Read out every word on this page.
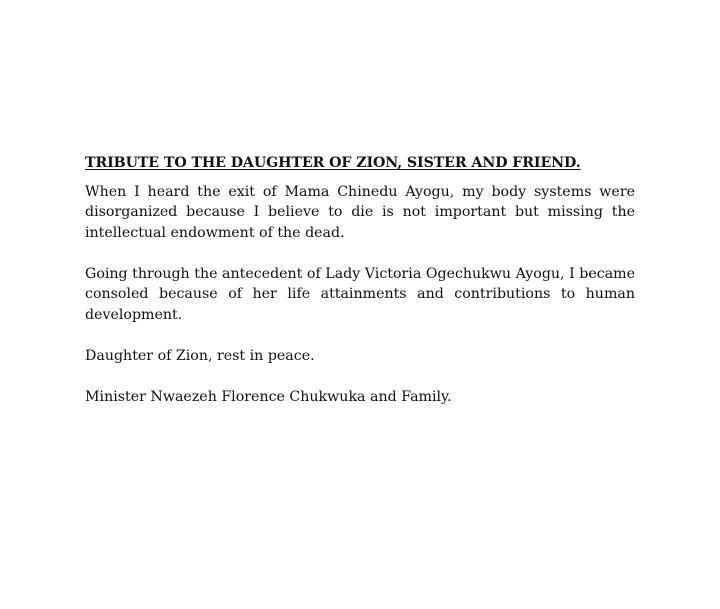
TRIBUTE TO THE DAUGHTER OF ZION, SISTER AND FRIEND.

When I heard the exit of Mama Chinedu Ayogu, my body systems were disorganized because I believe to die is not important but missing the intellectual endowment of the dead.

Going through the antecedent of Lady Victoria Ogechukwu Ayogu, I became consoled because of her life attainments and contributions to human development.

Daughter of Zion, rest in peace.

Minister Nwaezeh Florence Chukwuka and Family.
